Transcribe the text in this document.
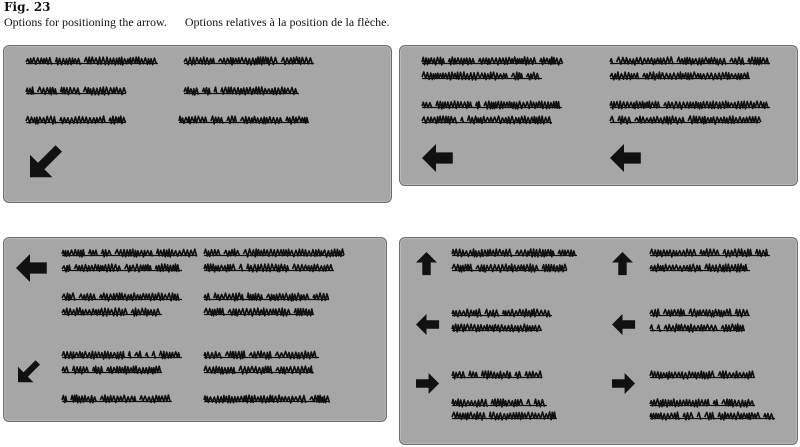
Fig. 23
Options for positioning the arrow. Options relatives à la position de la flèche.
